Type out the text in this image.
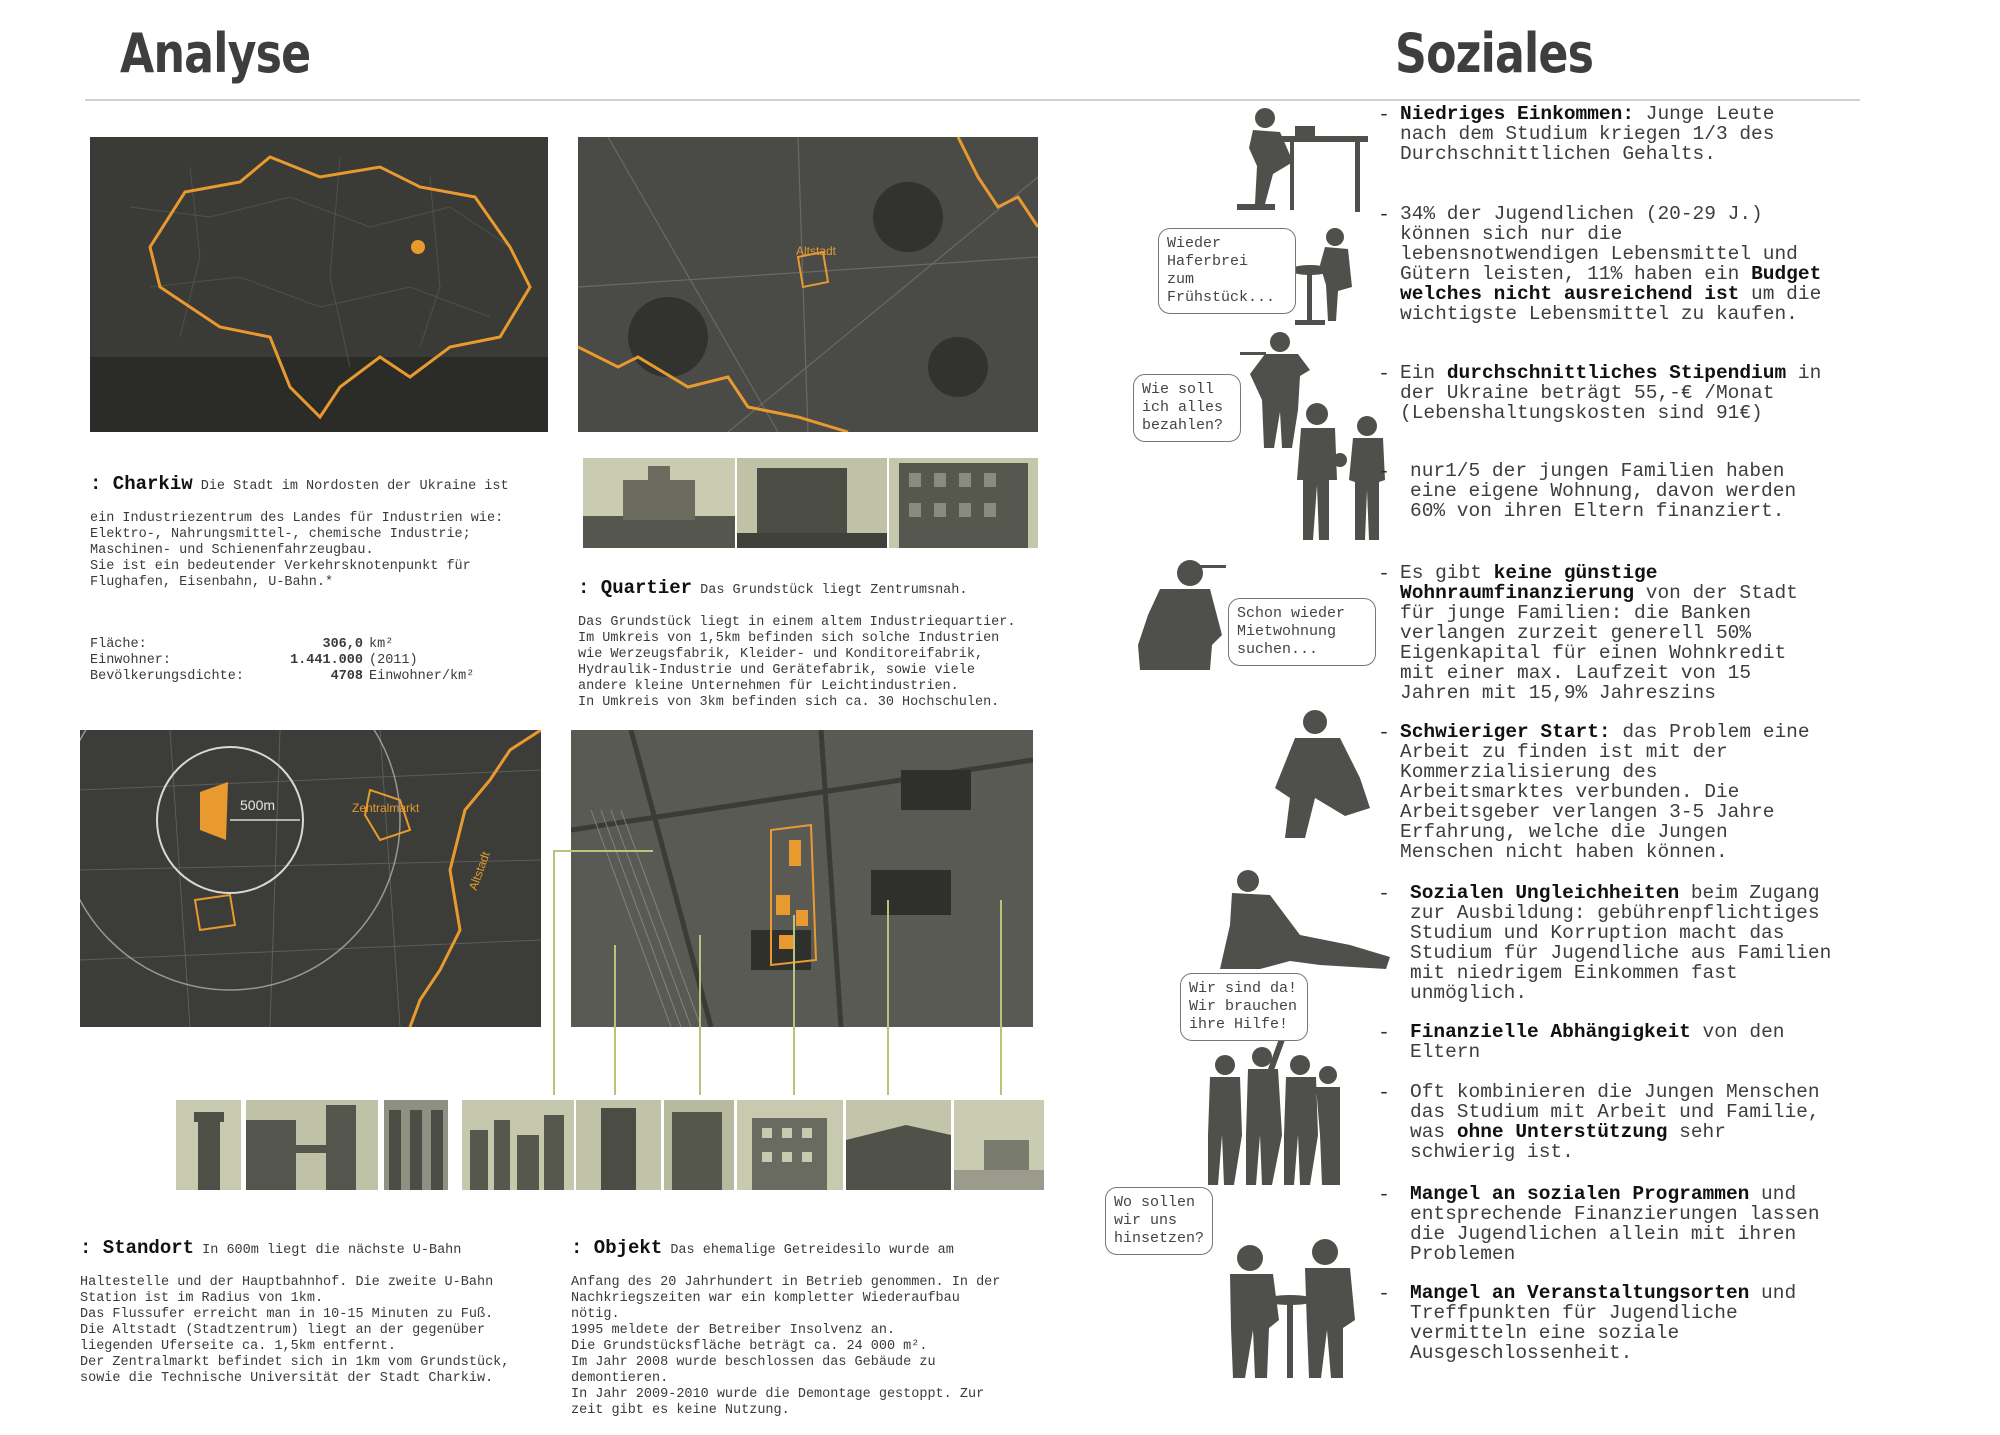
Analyse	Soziales
Altstadt

: Charkiw Die Stadt im Nordosten der Ukraine ist

ein Industriezentrum des Landes für Industrien wie:
Elektro-, Nahrungsmittel-, chemische Industrie;
Maschinen- und Schienenfahrzeugbau.
Sie ist ein bedeutender Verkehrsknotenpunkt für
Flughafen, Eisenbahn, U-Bahn.*

Fläche:	306,0 km²
Einwohner:	1.441.000 (2011)
Bevölkerungsdichte:	4708 Einwohner/km²

: Quartier Das Grundstück liegt Zentrumsnah.

Das Grundstück liegt in einem altem Industriequartier.
Im Umkreis von 1,5km befinden sich solche Industrien
wie Werzeugsfabrik, Kleider- und Konditoreifabrik,
Hydraulik-Industrie und Gerätefabrik, sowie viele
andere kleine Unternehmen für Leichtindustrien.
In Umkreis von 3km befinden sich ca. 30 Hochschulen.

500m	Zentralmarkt
Altstadt

: Standort In 600m liegt die nächste U-Bahn

Haltestelle und der Hauptbahnhof. Die zweite U-Bahn
Station ist im Radius von 1km.
Das Flussufer erreicht man in 10-15 Minuten zu Fuß.
Die Altstadt (Stadtzentrum) liegt an der gegenüber
liegenden Uferseite ca. 1,5km entfernt.
Der Zentralmarkt befindet sich in 1km vom Grundstück,
sowie die Technische Universität der Stadt Charkiw.

: Objekt Das ehemalige Getreidesilo wurde am

Anfang des 20 Jahrhundert in Betrieb genommen. In der
Nachkriegszeiten war ein kompletter Wiederaufbau
nötig.
1995 meldete der Betreiber Insolvenz an.
Die Grundstücksfläche beträgt ca. 24 000 m².
Im Jahr 2008 wurde beschlossen das Gebäude zu
demontieren.
In Jahr 2009-2010 wurde die Demontage gestoppt. Zur
zeit gibt es keine Nutzung.

Wieder
Haferbrei
zum
Frühstück...
Wie soll
ich alles
bezahlen?
Schon wieder
Mietwohnung
suchen...
Wir sind da!
Wir brauchen
ihre Hilfe!
Wo sollen
wir uns
hinsetzen?
- Niedriges Einkommen: Junge Leute
nach dem Studium kriegen 1/3 des
Durchschnittlichen Gehalts.
- 34% der Jugendlichen (20-29 J.)
können sich nur die
lebensnotwendigen Lebensmittel und
Gütern leisten, 11% haben ein Budget
welches nicht ausreichend ist um die
wichtigste Lebensmittel zu kaufen.
- Ein durchschnittliches Stipendium in
der Ukraine beträgt 55,-€ /Monat
(Lebenshaltungskosten sind 91€)
- nur1/5 der jungen Familien haben
eine eigene Wohnung, davon werden
60% von ihren Eltern finanziert.
- Es gibt keine günstige
Wohnraumfinanzierung von der Stadt
für junge Familien: die Banken
verlangen zurzeit generell 50%
Eigenkapital für einen Wohnkredit
mit einer max. Laufzeit von 15
Jahren mit 15,9% Jahreszins
- Schwieriger Start: das Problem eine
Arbeit zu finden ist mit der
Kommerzialisierung des
Arbeitsmarktes verbunden. Die
Arbeitsgeber verlangen 3-5 Jahre
Erfahrung, welche die Jungen
Menschen nicht haben können.
- Sozialen Ungleichheiten beim Zugang
zur Ausbildung: gebührenpflichtiges
Studium und Korruption macht das
Studium für Jugendliche aus Familien
mit niedrigem Einkommen fast
unmöglich.
- Finanzielle Abhängigkeit von den
Eltern
- Oft kombinieren die Jungen Menschen
das Studium mit Arbeit und Familie,
was ohne Unterstützung sehr
schwierig ist.
- Mangel an sozialen Programmen und
entsprechende Finanzierungen lassen
die Jugendlichen allein mit ihren
Problemen
- Mangel an Veranstaltungsorten und
Treffpunkten für Jugendliche
vermitteln eine soziale
Ausgeschlossenheit.
